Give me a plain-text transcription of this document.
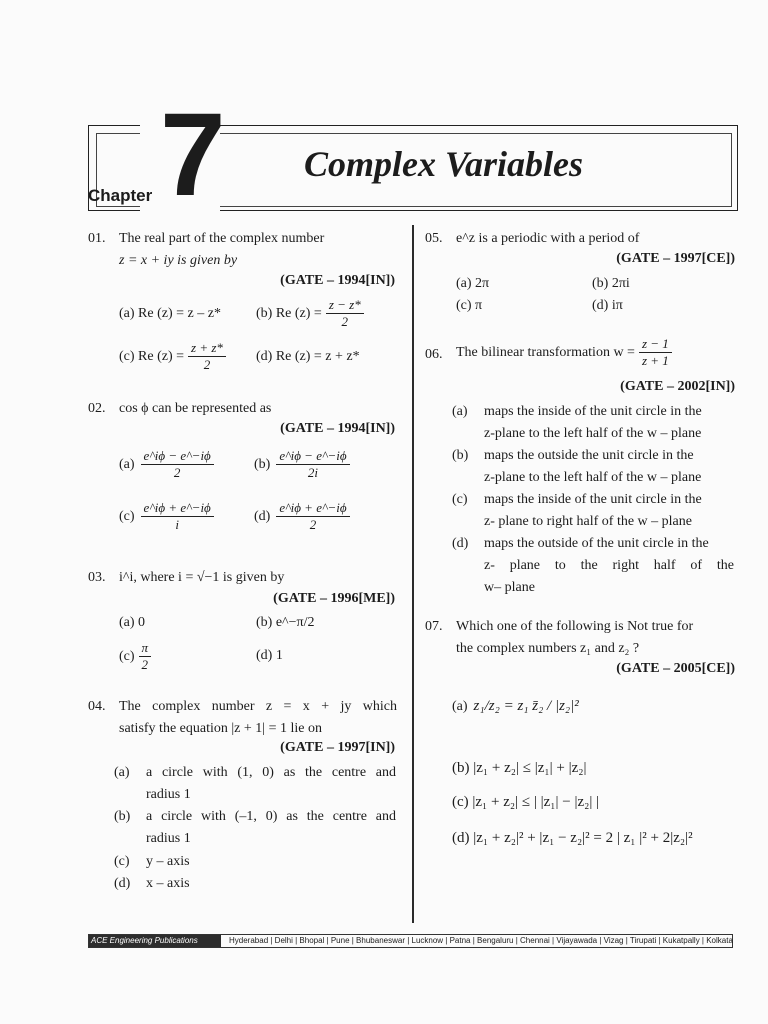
Chapter 7 Complex Variables
01. The real part of the complex number
z = x + iy is given by
(GATE – 1994[IN])
(a) Re (z) = z – z*	(b) Re $(z) = \frac{z - z*}{2}$
(c) Re $(z) = \frac{z + z*}{2} (d)$ Re (z) = z + z*
02. cos ϕ can be represented as
(GATE – 1994[IN])
$(a) \frac{e\^{}i\phi - e\^{}-i\phi}{2}$	$(b) \frac{e\^{}i\phi - e\^{}-i\phi}{2i}$
$(c) \frac{e\^{}i\phi + e\^{}-i\phi}{i}$	$(d) \frac{e\^{}i\phi + e\^{}-i\phi}{2}$
03. i^i, where i = √−1 is given by
(GATE – 1996[ME])
(a) 0	(b) e^−π/2
$(c) \frac{\pi}{2}$	(d) 1
04. The complex number z = x + jy which
satisfy the equation |z + 1| = 1 lie on
(GATE – 1997[IN])
(a) a circle with (1, 0) as the centre and
radius 1
(b) a circle with (–1, 0) as the centre and
radius 1
(c) y – axis
(d) x – axis
05. e^z is a periodic with a period of
(GATE – 1997[CE])
(a) 2π	(b) 2πi
(c) π	(d) iπ
06. The bilinear transformation $w = \frac{z - 1}{z + 1}$
(GATE – 2002[IN])
(a) maps the inside of the unit circle in the
z-plane to the left half of the w – plane
(b) maps the outside the unit circle in the
z-plane to the left half of the w – plane
(c) maps the inside of the unit circle in the
z- plane to right half of the w – plane
(d) maps the outside of the unit circle in the
z- plane to the right half of the
w– plane
07. Which one of the following is Not true for
the complex numbers z₁ and z₂ ?
(GATE – 2005[CE])
(a) z₁/z₂ = z₁ z̄₂ / |z₂|²
(b) |z₁ + z₂| ≤ |z₁| + |z₂|
(c) |z₁ + z₂| ≤ | |z₁| − |z₂| |
(d) |z₁ + z₂|² + |z₁ − z₂|² = 2 | z₁ |² + 2|z₂|²
ACE Engineering Publications	Hyderabad | Delhi | Bhopal | Pune | Bhubaneswar | Lucknow | Patna | Bengaluru | Chennai | Vijayawada | Vizag | Tirupati | Kukatpally | Kolkata
